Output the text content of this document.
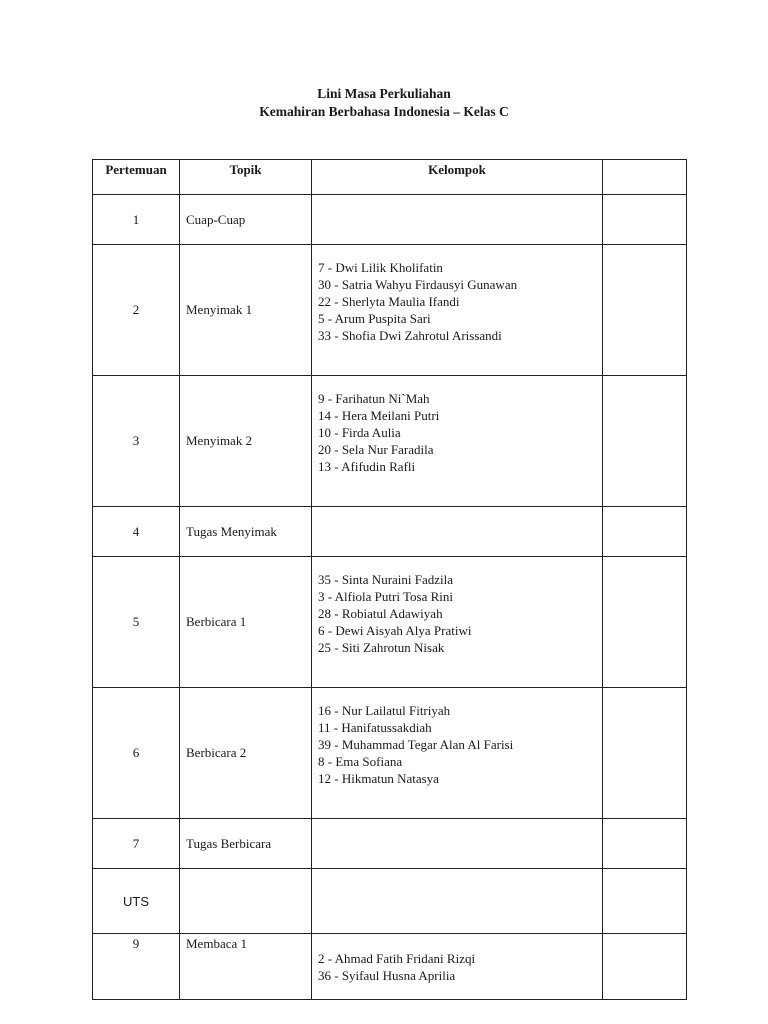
Lini Masa Perkuliahan
Kemahiran Berbahasa Indonesia – Kelas C
Pertemuan	Topik	Kelompok	
1	Cuap-Cuap		
2	Menyimak 1	7 - Dwi Lilik Kholifatin
30 - Satria Wahyu Firdausyi Gunawan
22 - Sherlyta Maulia Ifandi
5 - Arum Puspita Sari
33 - Shofia Dwi Zahrotul Arissandi	

3	Menyimak 2	9 - Farihatun Ni`Mah
14 - Hera Meilani Putri
10 - Firda Aulia
20 - Sela Nur Faradila
13 - Afifudin Rafli	

4	Tugas Menyimak		
5	Berbicara 1	35 - Sinta Nuraini Fadzila
3 - Alfiola Putri Tosa Rini
28 - Robiatul Adawiyah
6 - Dewi Aisyah Alya Pratiwi
25 - Siti Zahrotun Nisak	

6	Berbicara 2	16 - Nur Lailatul Fitriyah
11 - Hanifatussakdiah
39 - Muhammad Tegar Alan Al Farisi
8 - Ema Sofiana
12 - Hikmatun Natasya	

7	Tugas Berbicara		
UTS			
9	Membaca 1	2 - Ahmad Fatih Fridani Rizqi
36 - Syifaul Husna Aprilia	
